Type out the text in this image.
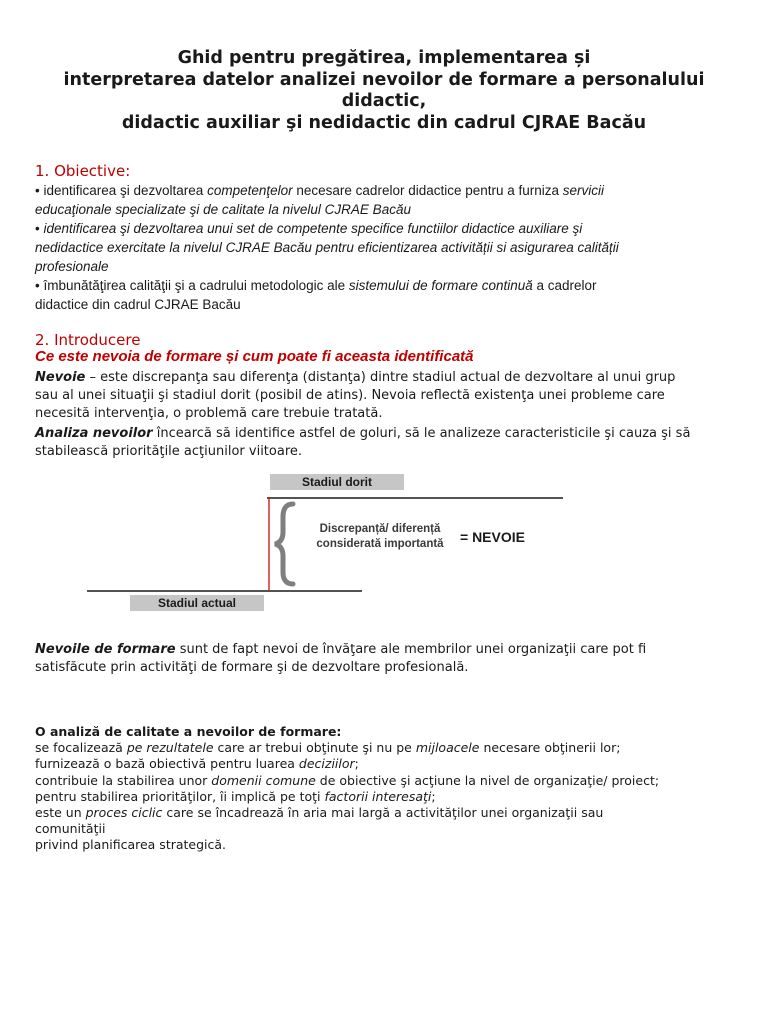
Ghid pentru pregătirea, implementarea și
interpretarea datelor analizei nevoilor de formare a personalului
didactic,
didactic auxiliar şi nedidactic din cadrul CJRAE Bacău
1. Obiective:
• identificarea şi dezvoltarea competenţelor necesare cadrelor didactice pentru a furniza servicii
educaţionale specializate şi de calitate la nivelul CJRAE Bacău
• identificarea şi dezvoltarea unui set de competente specifice functiilor didactice auxiliare şi
nedidactice exercitate la nivelul CJRAE Bacău pentru eficientizarea activității si asigurarea calității
profesionale
• îmbunătăţirea calităţii şi a cadrului metodologic ale sistemului de formare continuă a cadrelor
didactice din cadrul CJRAE Bacău
2. Introducere
Ce este nevoia de formare și cum poate fi aceasta identificată
Nevoie – este discrepanţa sau diferenţa (distanţa) dintre stadiul actual de dezvoltare al unui grup
sau al unei situaţii şi stadiul dorit (posibil de atins). Nevoia reflectă existenţa unei probleme care
necesită intervenţia, o problemă care trebuie tratată.
Analiza nevoilor încearcă să identifice astfel de goluri, să le analizeze caracteristicile şi cauza şi să
stabilească priorităţile acţiunilor viitoare.
Stadiul dorit
Stadiul actual
Discrepanță/ diferență
considerată importantă	= NEVOIE
Nevoile de formare sunt de fapt nevoi de învăţare ale membrilor unei organizaţii care pot fi
satisfăcute prin activităţi de formare şi de dezvoltare profesională.
O analiză de calitate a nevoilor de formare:
se focalizează pe rezultatele care ar trebui obţinute şi nu pe mijloacele necesare obţinerii lor;
furnizează o bază obiectivă pentru luarea deciziilor;
contribuie la stabilirea unor domenii comune de obiective şi acţiune la nivel de organizaţie/ proiect;
pentru stabilirea priorităţilor, îi implică pe toţi factorii interesaţi;
este un proces ciclic care se încadrează în aria mai largă a activităţilor unei organizaţii sau
comunităţii
privind planificarea strategică.
